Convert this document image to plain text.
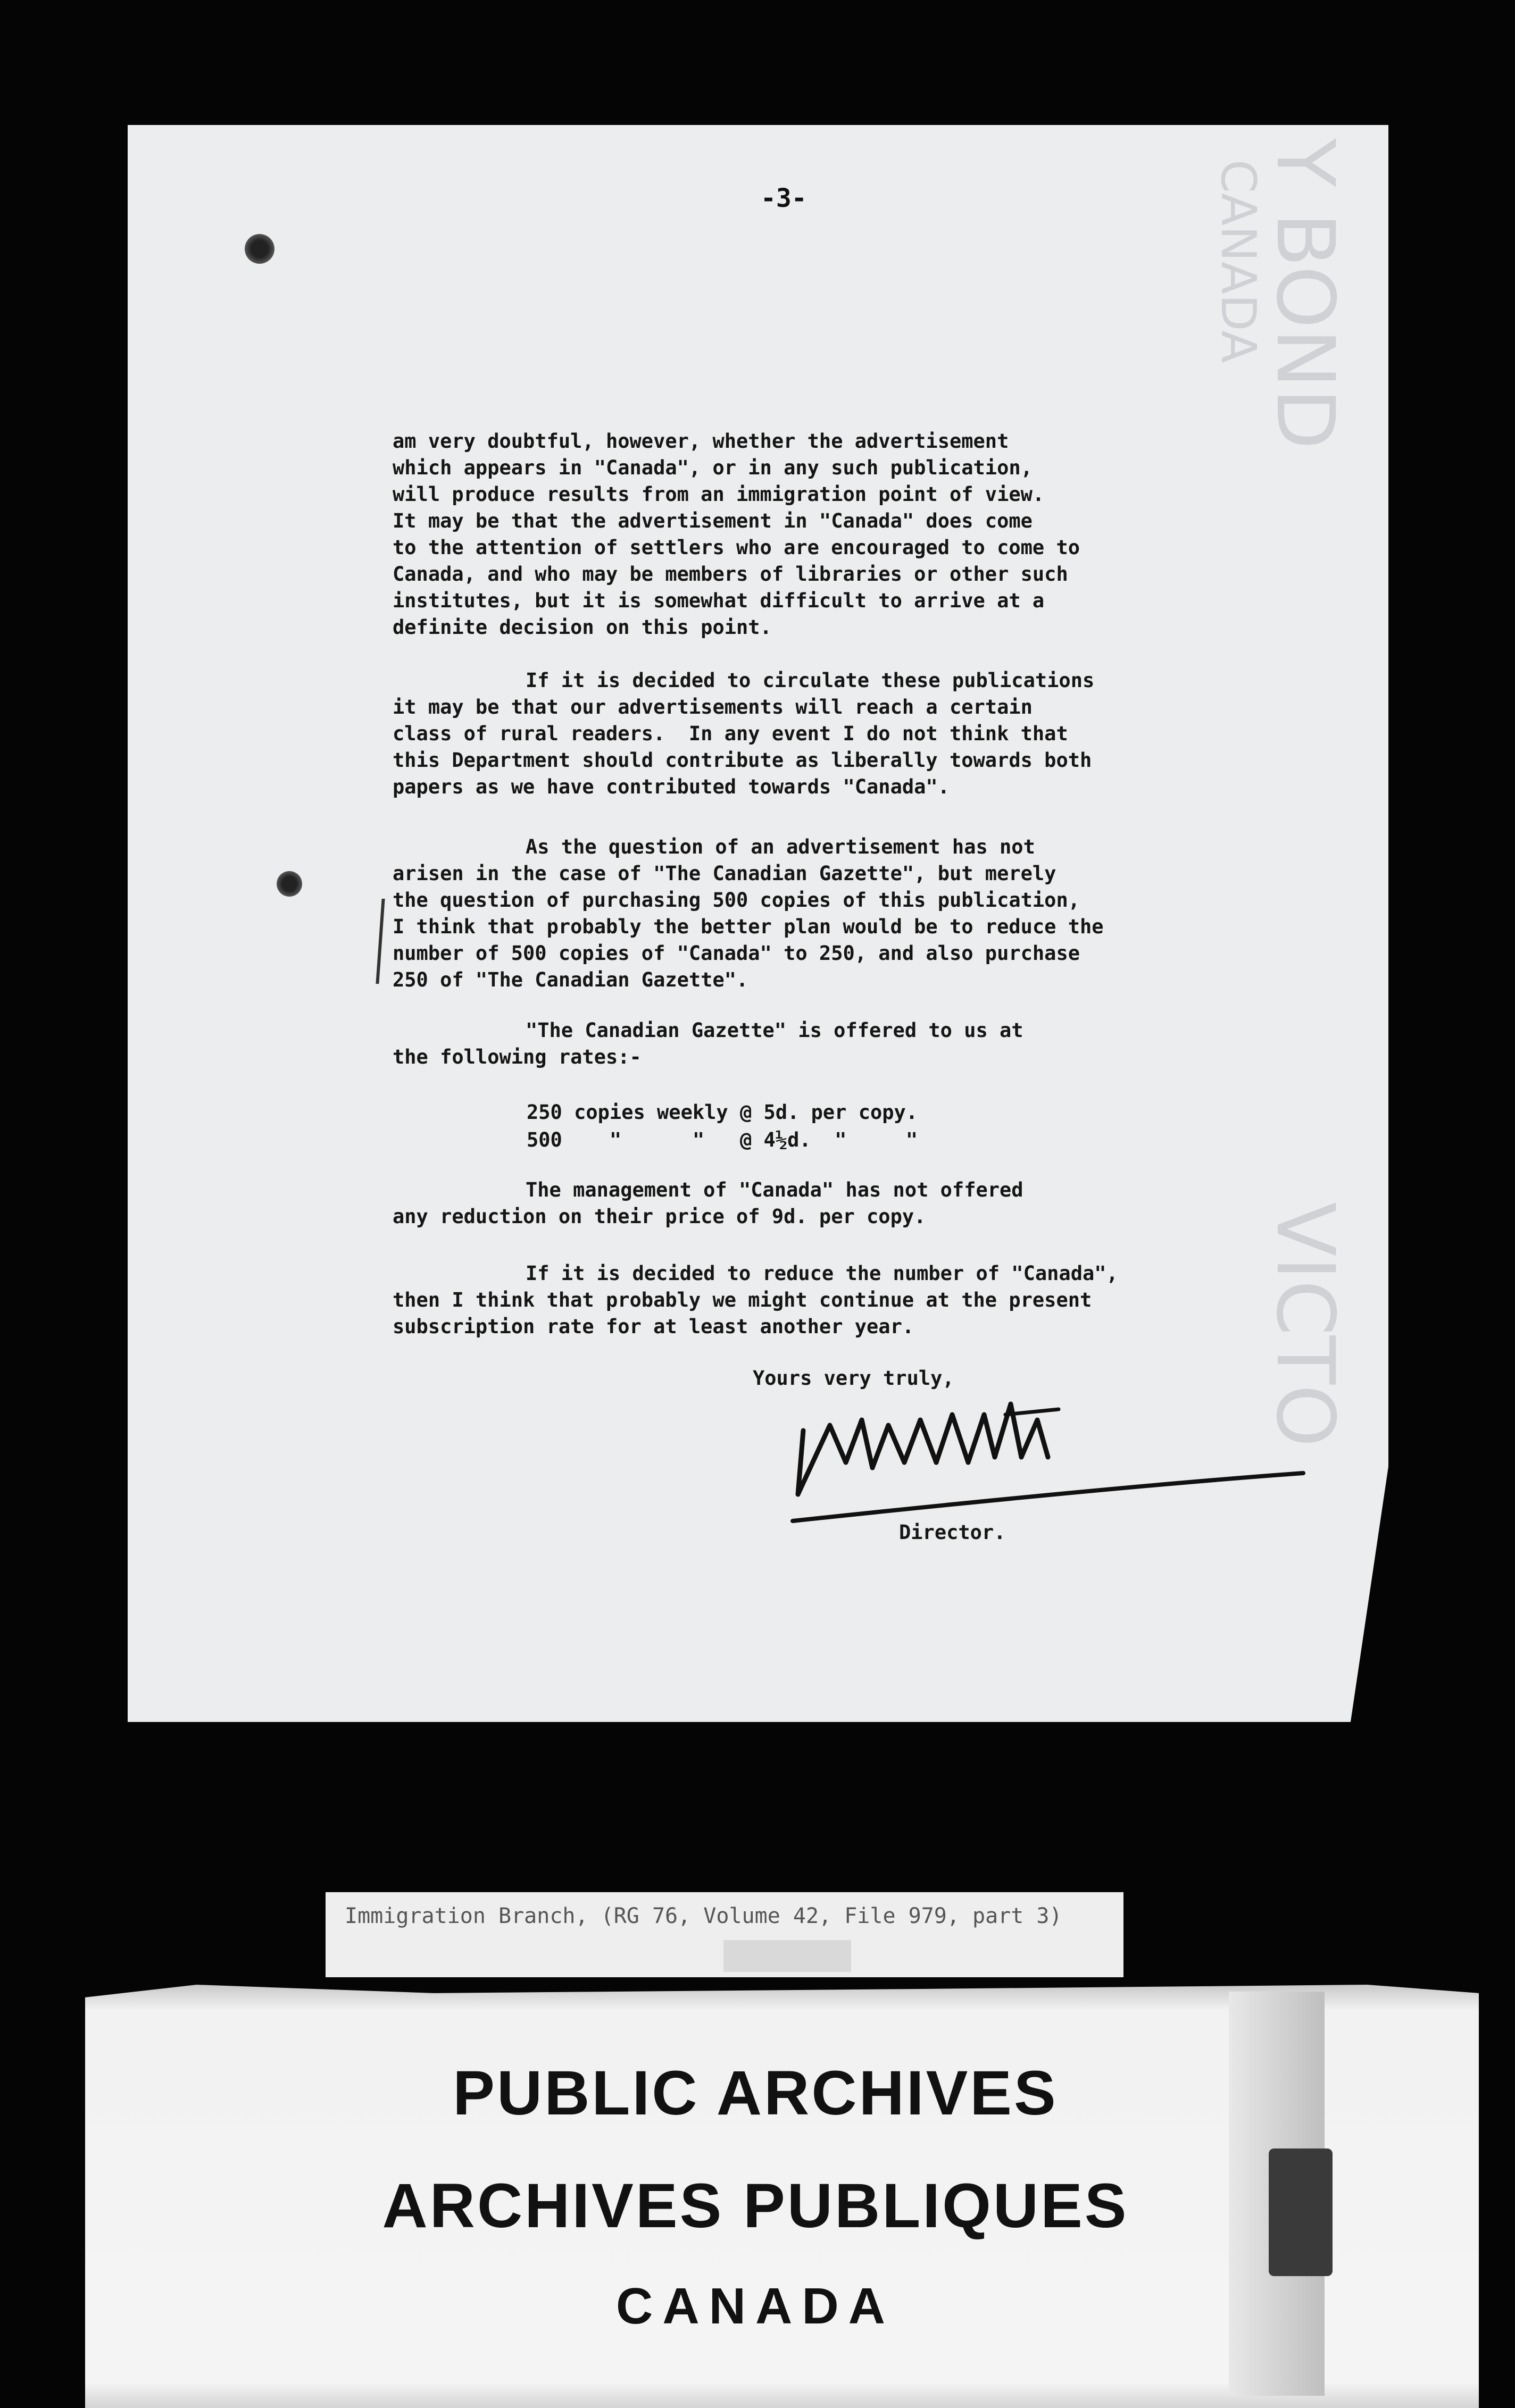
Y BOND
CANADA
VICTO
-3-

am very doubtful, however, whether the advertisement
which appears in "Canada", or in any such publication,
will produce results from an immigration point of view.
It may be that the advertisement in "Canada" does come
to the attention of settlers who are encouraged to come to
Canada, and who may be members of libraries or other such
institutes, but it is somewhat difficult to arrive at a
definite decision on this point.

If it is decided to circulate these publications
it may be that our advertisements will reach a certain
class of rural readers.  In any event I do not think that
this Department should contribute as liberally towards both
papers as we have contributed towards "Canada".

As the question of an advertisement has not
arisen in the case of "The Canadian Gazette", but merely
the question of purchasing 500 copies of this publication,
I think that probably the better plan would be to reduce the
number of 500 copies of "Canada" to 250, and also purchase
250 of "The Canadian Gazette".

"The Canadian Gazette" is offered to us at
the following rates:-

250 copies weekly @ 5d. per copy.
500    "      "   @ 4½d.  "     "

The management of "Canada" has not offered
any reduction on their price of 9d. per copy.

If it is decided to reduce the number of "Canada",
then I think that probably we might continue at the present
subscription rate for at least another year.

Yours very truly,
Director.
Immigration Branch, (RG 76, Volume 42, File 979, part 3)
PUBLIC ARCHIVES
ARCHIVES PUBLIQUES
CANADA
